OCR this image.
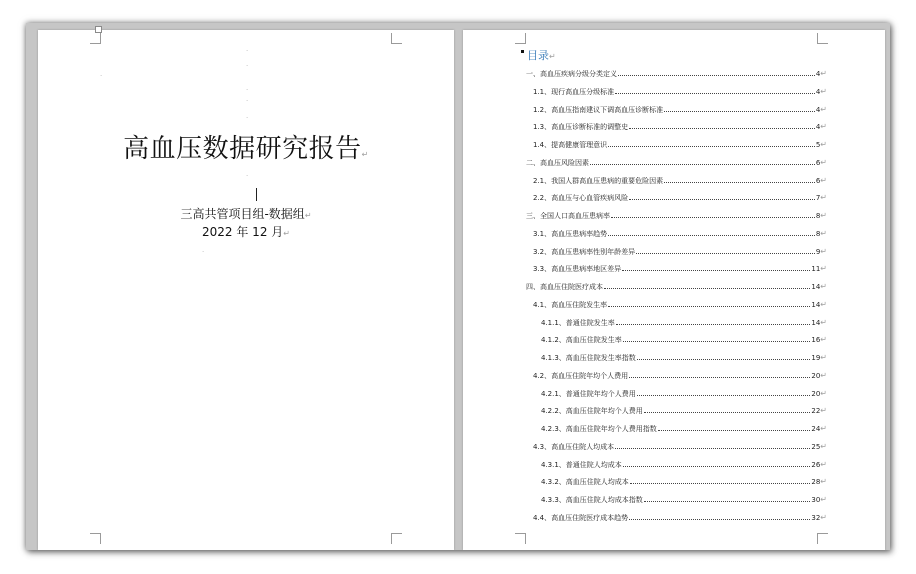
·
·
·
·
·
·
·
·
高血压数据研究报告↵
三高共管项目组-数据组↵
2022 年 12 月↵
目录↵
一、高血压疾病分级分类定义	4 ↵
1.1、现行高血压分级标准	4 ↵
1.2、高血压指南建议下调高血压诊断标准	4 ↵
1.3、高血压诊断标准的调整史	4 ↵
1.4、提高健康管理意识	5 ↵
二、高血压风险因素	6 ↵
2.1、我国人群高血压患病的重要危险因素	6 ↵
2.2、高血压与心血管疾病风险	7 ↵
三、全国人口高血压患病率	8 ↵
3.1、高血压患病率趋势	8 ↵
3.2、高血压患病率性别年龄差异	9 ↵
3.3、高血压患病率地区差异	11 ↵
四、高血压住院医疗成本	14 ↵
4.1、高血压住院发生率	14 ↵
4.1.1、普通住院发生率	14 ↵
4.1.2、高血压住院发生率	16 ↵
4.1.3、高血压住院发生率指数	19 ↵
4.2、高血压住院年均个人费用	20 ↵
4.2.1、普通住院年均个人费用	20 ↵
4.2.2、高血压住院年均个人费用	22 ↵
4.2.3、高血压住院年均个人费用指数	24 ↵
4.3、高血压住院人均成本	25 ↵
4.3.1、普通住院人均成本	26 ↵
4.3.2、高血压住院人均成本	28 ↵
4.3.3、高血压住院人均成本指数	30 ↵
4.4、高血压住院医疗成本趋势	32 ↵
